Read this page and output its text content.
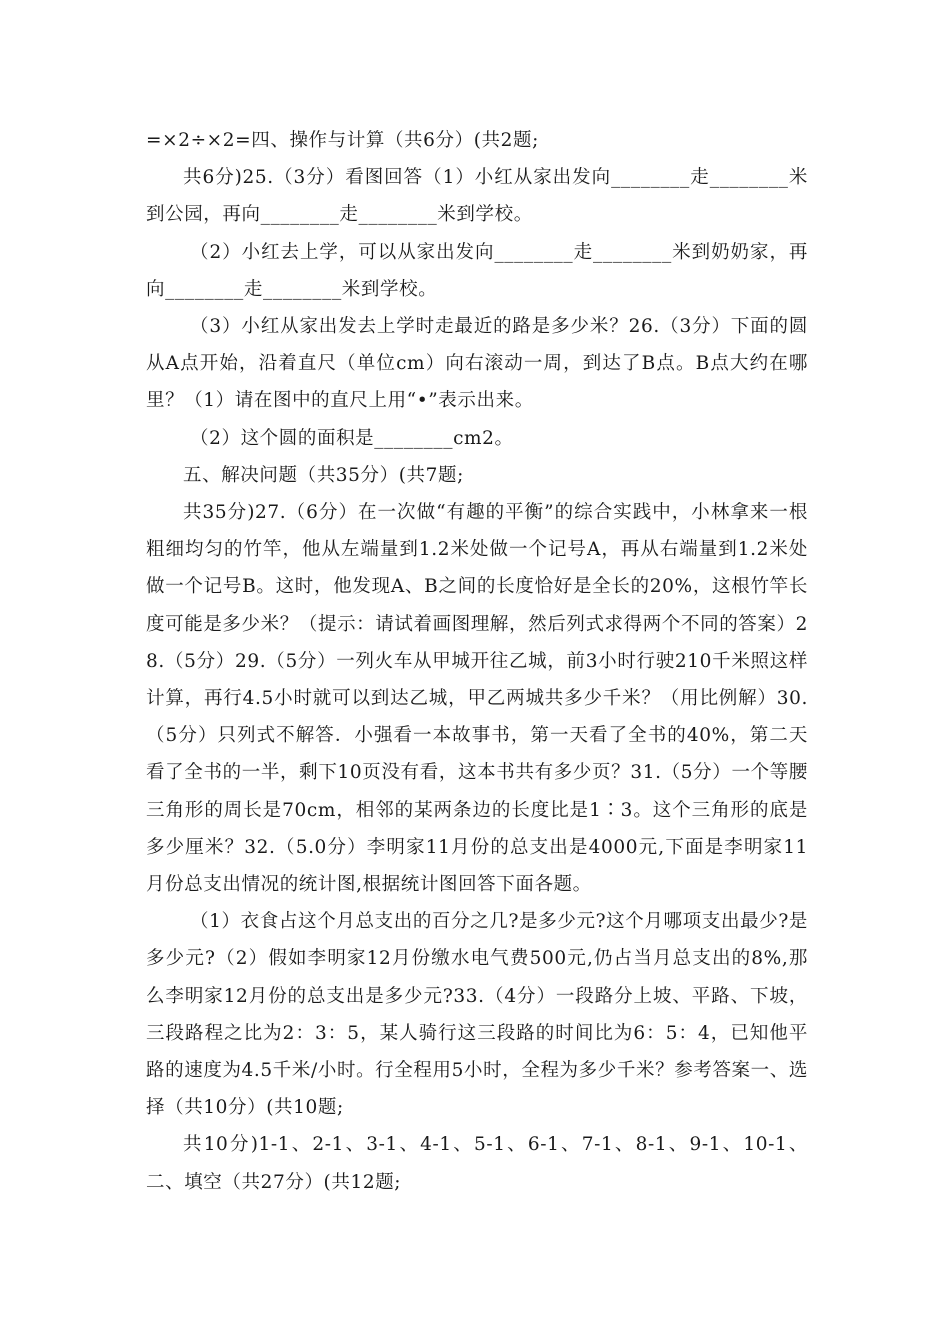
=×2÷×2=四、操作与计算（共6分）(共2题;

共6分)25.（3分）看图回答（1）小红从家出发向________走________米到公园，再向________走________米到学校。

（2）小红去上学，可以从家出发向________走________米到奶奶家，再向________走________米到学校。

（3）小红从家出发去上学时走最近的路是多少米？26.（3分）下面的圆从A点开始，沿着直尺（单位cm）向右滚动一周，到达了B点。B点大约在哪里？（1）请在图中的直尺上用“•”表示出来。

（2）这个圆的面积是________cm2。

五、解决问题（共35分）(共7题;

共35分)27.（6分）在一次做“有趣的平衡”的综合实践中，小林拿来一根粗细均匀的竹竿，他从左端量到1.2米处做一个记号A，再从右端量到1.2米处做一个记号B。这时，他发现A、B之间的长度恰好是全长的20%，这根竹竿长度可能是多少米？（提示：请试着画图理解，然后列式求得两个不同的答案）28.（5分）29.（5分）一列火车从甲城开往乙城，前3小时行驶210千米照这样计算，再行4.5小时就可以到达乙城，甲乙两城共多少千米？（用比例解）30.（5分）只列式不解答．小强看一本故事书，第一天看了全书的40%，第二天看了全书的一半，剩下10页没有看，这本书共有多少页？31.（5分）一个等腰三角形的周长是70cm，相邻的某两条边的长度比是1∶3。这个三角形的底是多少厘米？32.（5.0分）李明家11月份的总支出是4000元,下面是李明家11月份总支出情况的统计图,根据统计图回答下面各题。

（1）衣食占这个月总支出的百分之几?是多少元?这个月哪项支出最少?是多少元?（2）假如李明家12月份缴水电气费500元,仍占当月总支出的8%,那么李明家12月份的总支出是多少元?33.（4分）一段路分上坡、平路、下坡，三段路程之比为2：3：5，某人骑行这三段路的时间比为6：5：4，已知他平路的速度为4.5千米/小时。行全程用5小时，全程为多少千米？参考答案一、选择（共10分）(共10题;

共10分)1-1、2-1、3-1、4-1、5-1、6-1、7-1、8-1、9-1、10-1、二、填空（共27分）(共12题;
